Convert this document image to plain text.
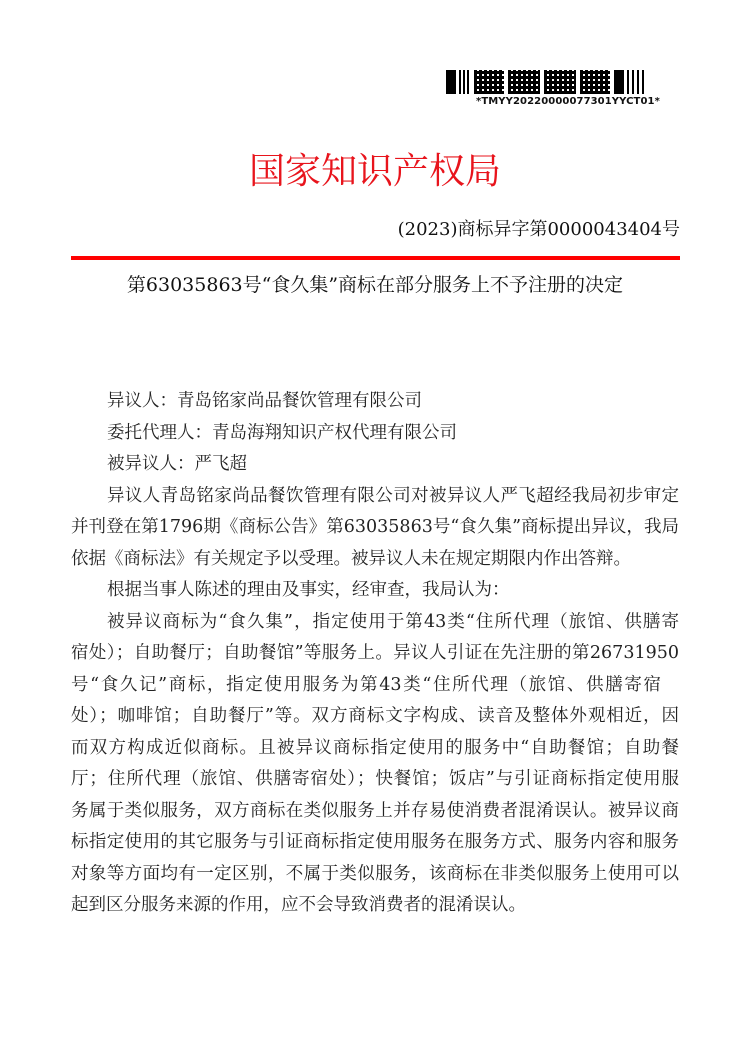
*TMYY20220000077301YYCT01*
国家知识产权局
(2023)商标异字第0000043404号
第63035863号“食久集”商标在部分服务上不予注册的决定
异议人：青岛铭家尚品餐饮管理有限公司
委托代理人：青岛海翔知识产权代理有限公司
被异议人：严飞超
异议人青岛铭家尚品餐饮管理有限公司对被异议人严飞超经我局初步审定
并刊登在第1796期《商标公告》第63035863号“食久集”商标提出异议，我局
依据《商标法》有关规定予以受理。被异议人未在规定期限内作出答辩。
根据当事人陈述的理由及事实，经审查，我局认为：
被异议商标为“食久集”，指定使用于第43类“住所代理（旅馆、供膳寄
宿处）；自助餐厅；自助餐馆”等服务上。异议人引证在先注册的第26731950
号“食久记”商标，指定使用服务为第43类“住所代理（旅馆、供膳寄宿
处）；咖啡馆；自助餐厅”等。双方商标文字构成、读音及整体外观相近，因
而双方构成近似商标。且被异议商标指定使用的服务中“自助餐馆；自助餐
厅；住所代理（旅馆、供膳寄宿处）；快餐馆；饭店”与引证商标指定使用服
务属于类似服务，双方商标在类似服务上并存易使消费者混淆误认。被异议商
标指定使用的其它服务与引证商标指定使用服务在服务方式、服务内容和服务
对象等方面均有一定区别，不属于类似服务，该商标在非类似服务上使用可以
起到区分服务来源的作用，应不会导致消费者的混淆误认。
